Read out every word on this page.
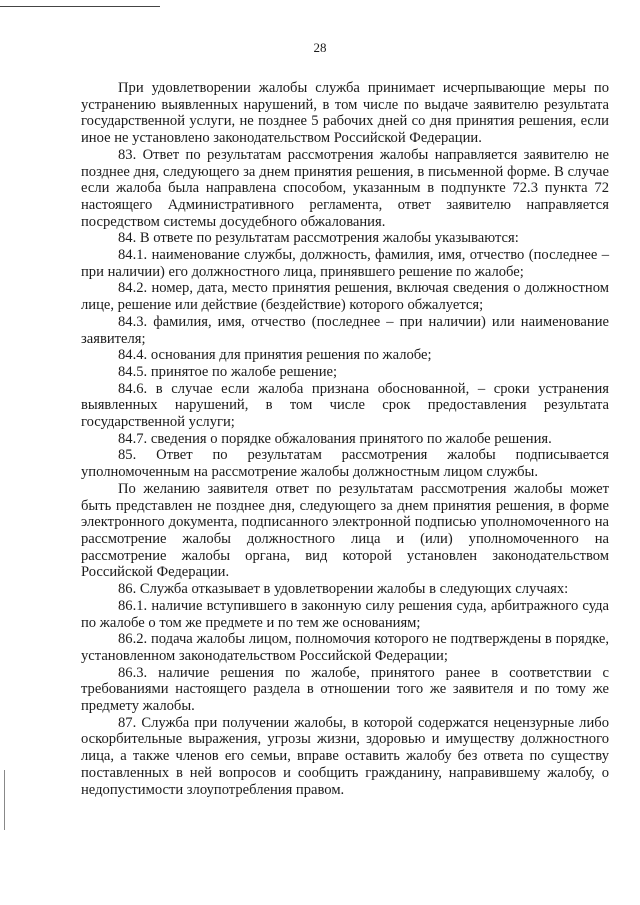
28

При удовлетворении жалобы служба принимает исчерпывающие меры по устранению выявленных нарушений, в том числе по выдаче заявителю результата государственной услуги, не позднее 5 рабочих дней со дня принятия решения, если иное не установлено законодательством Российской Федерации.

83. Ответ по результатам рассмотрения жалобы направляется заявителю не позднее дня, следующего за днем принятия решения, в письменной форме. В случае если жалоба была направлена способом, указанным в подпункте 72.3 пункта 72 настоящего Административного регламента, ответ заявителю направляется посредством системы досудебного обжалования.

84. В ответе по результатам рассмотрения жалобы указываются:

84.1. наименование службы, должность, фамилия, имя, отчество (последнее – при наличии) его должностного лица, принявшего решение по жалобе;

84.2. номер, дата, место принятия решения, включая сведения о должностном лице, решение или действие (бездействие) которого обжалуется;

84.3. фамилия, имя, отчество (последнее – при наличии) или наименование заявителя;

84.4. основания для принятия решения по жалобе;

84.5. принятое по жалобе решение;

84.6. в случае если жалоба признана обоснованной, – сроки устранения выявленных нарушений, в том числе срок предоставления результата государственной услуги;

84.7. сведения о порядке обжалования принятого по жалобе решения.

85. Ответ по результатам рассмотрения жалобы подписывается уполномоченным на рассмотрение жалобы должностным лицом службы.

По желанию заявителя ответ по результатам рассмотрения жалобы может быть представлен не позднее дня, следующего за днем принятия решения, в форме электронного документа, подписанного электронной подписью уполномоченного на рассмотрение жалобы должностного лица и (или) уполномоченного на рассмотрение жалобы органа, вид которой установлен законодательством Российской Федерации.

86. Служба отказывает в удовлетворении жалобы в следующих случаях:

86.1. наличие вступившего в законную силу решения суда, арбитражного суда по жалобе о том же предмете и по тем же основаниям;

86.2. подача жалобы лицом, полномочия которого не подтверждены в порядке, установленном законодательством Российской Федерации;

86.3. наличие решения по жалобе, принятого ранее в соответствии с требованиями настоящего раздела в отношении того же заявителя и по тому же предмету жалобы.

87. Служба при получении жалобы, в которой содержатся нецензурные либо оскорбительные выражения, угрозы жизни, здоровью и имуществу должностного лица, а также членов его семьи, вправе оставить жалобу без ответа по существу поставленных в ней вопросов и сообщить гражданину, направившему жалобу, о недопустимости злоупотребления правом.
